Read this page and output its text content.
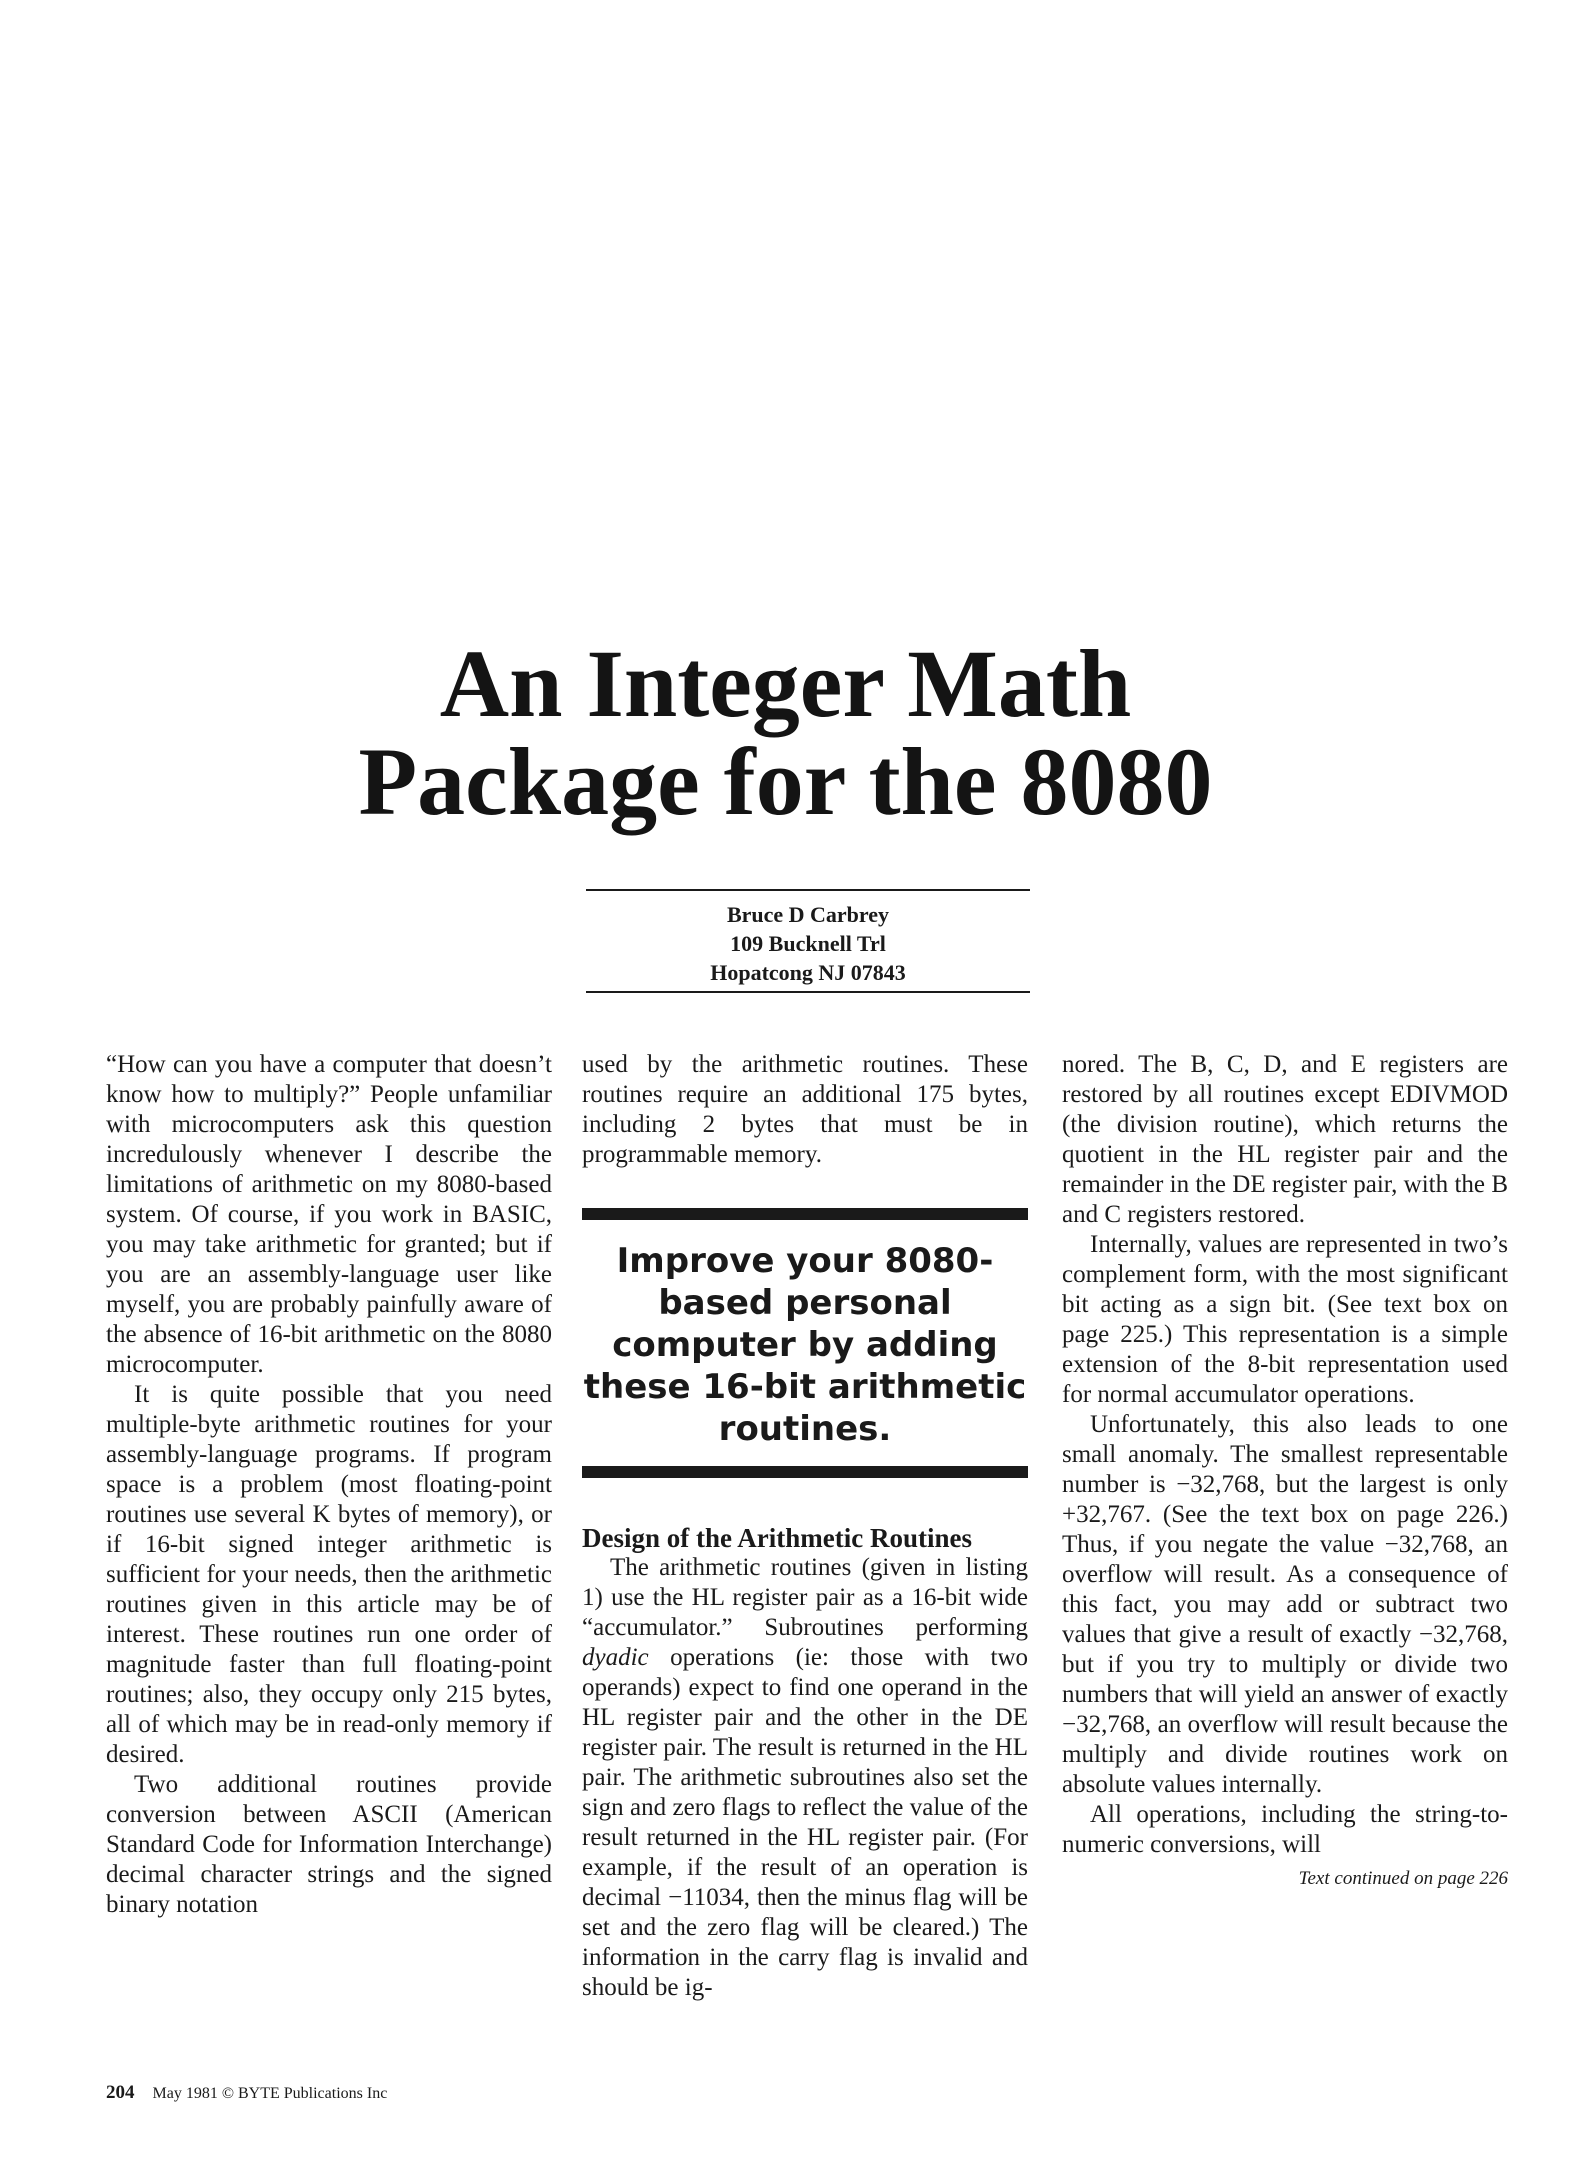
An Integer Math
Package for the 8080
Bruce D Carbrey
109 Bucknell Trl
Hopatcong NJ 07843

“How can you have a computer that doesn’t know how to multiply?” People unfamiliar with microcomputers ask this question incredulously whenever I describe the limitations of arithmetic on my 8080-based system. Of course, if you work in BASIC, you may take arithmetic for granted; but if you are an assembly-language user like myself, you are probably painfully aware of the absence of 16-bit arithmetic on the 8080 microcomputer.

It is quite possible that you need multiple-byte arithmetic routines for your assembly-language programs. If program space is a problem (most floating-point routines use several K bytes of memory), or if 16-bit signed integer arithmetic is sufficient for your needs, then the arithmetic routines given in this article may be of interest. These routines run one order of magnitude faster than full floating-point routines; also, they occupy only 215 bytes, all of which may be in read-only memory if desired.

Two additional routines provide conversion between ASCII (American Standard Code for Information Interchange) decimal character strings and the signed binary notation

used by the arithmetic routines. These routines require an additional 175 bytes, including 2 bytes that must be in programmable memory.

Improve your 8080-based personal computer by adding these 16-bit arithmetic routines.
Design of the Arithmetic Routines

The arithmetic routines (given in listing 1) use the HL register pair as a 16-bit wide “accumulator.” Subroutines performing dyadic operations (ie: those with two operands) expect to find one operand in the HL register pair and the other in the DE register pair. The result is returned in the HL pair. The arithmetic subroutines also set the sign and zero flags to reflect the value of the result returned in the HL register pair. (For example, if the result of an operation is decimal −11034, then the minus flag will be set and the zero flag will be cleared.) The information in the carry flag is invalid and should be ig-

nored. The B, C, D, and E registers are restored by all routines except EDIVMOD (the division routine), which returns the quotient in the HL register pair and the remainder in the DE register pair, with the B and C registers restored.

Internally, values are represented in two’s complement form, with the most significant bit acting as a sign bit. (See text box on page 225.) This representation is a simple extension of the 8-bit representation used for normal accumulator operations.

Unfortunately, this also leads to one small anomaly. The smallest representable number is −32,768, but the largest is only +32,767. (See the text box on page 226.) Thus, if you negate the value −32,768, an overflow will result. As a consequence of this fact, you may add or subtract two values that give a result of exactly −32,768, but if you try to multiply or divide two numbers that will yield an answer of exactly −32,768, an overflow will result because the multiply and divide routines work on absolute values internally.

All operations, including the string-to-numeric conversions, will

Text continued on page 226
204 May 1981 © BYTE Publications Inc
